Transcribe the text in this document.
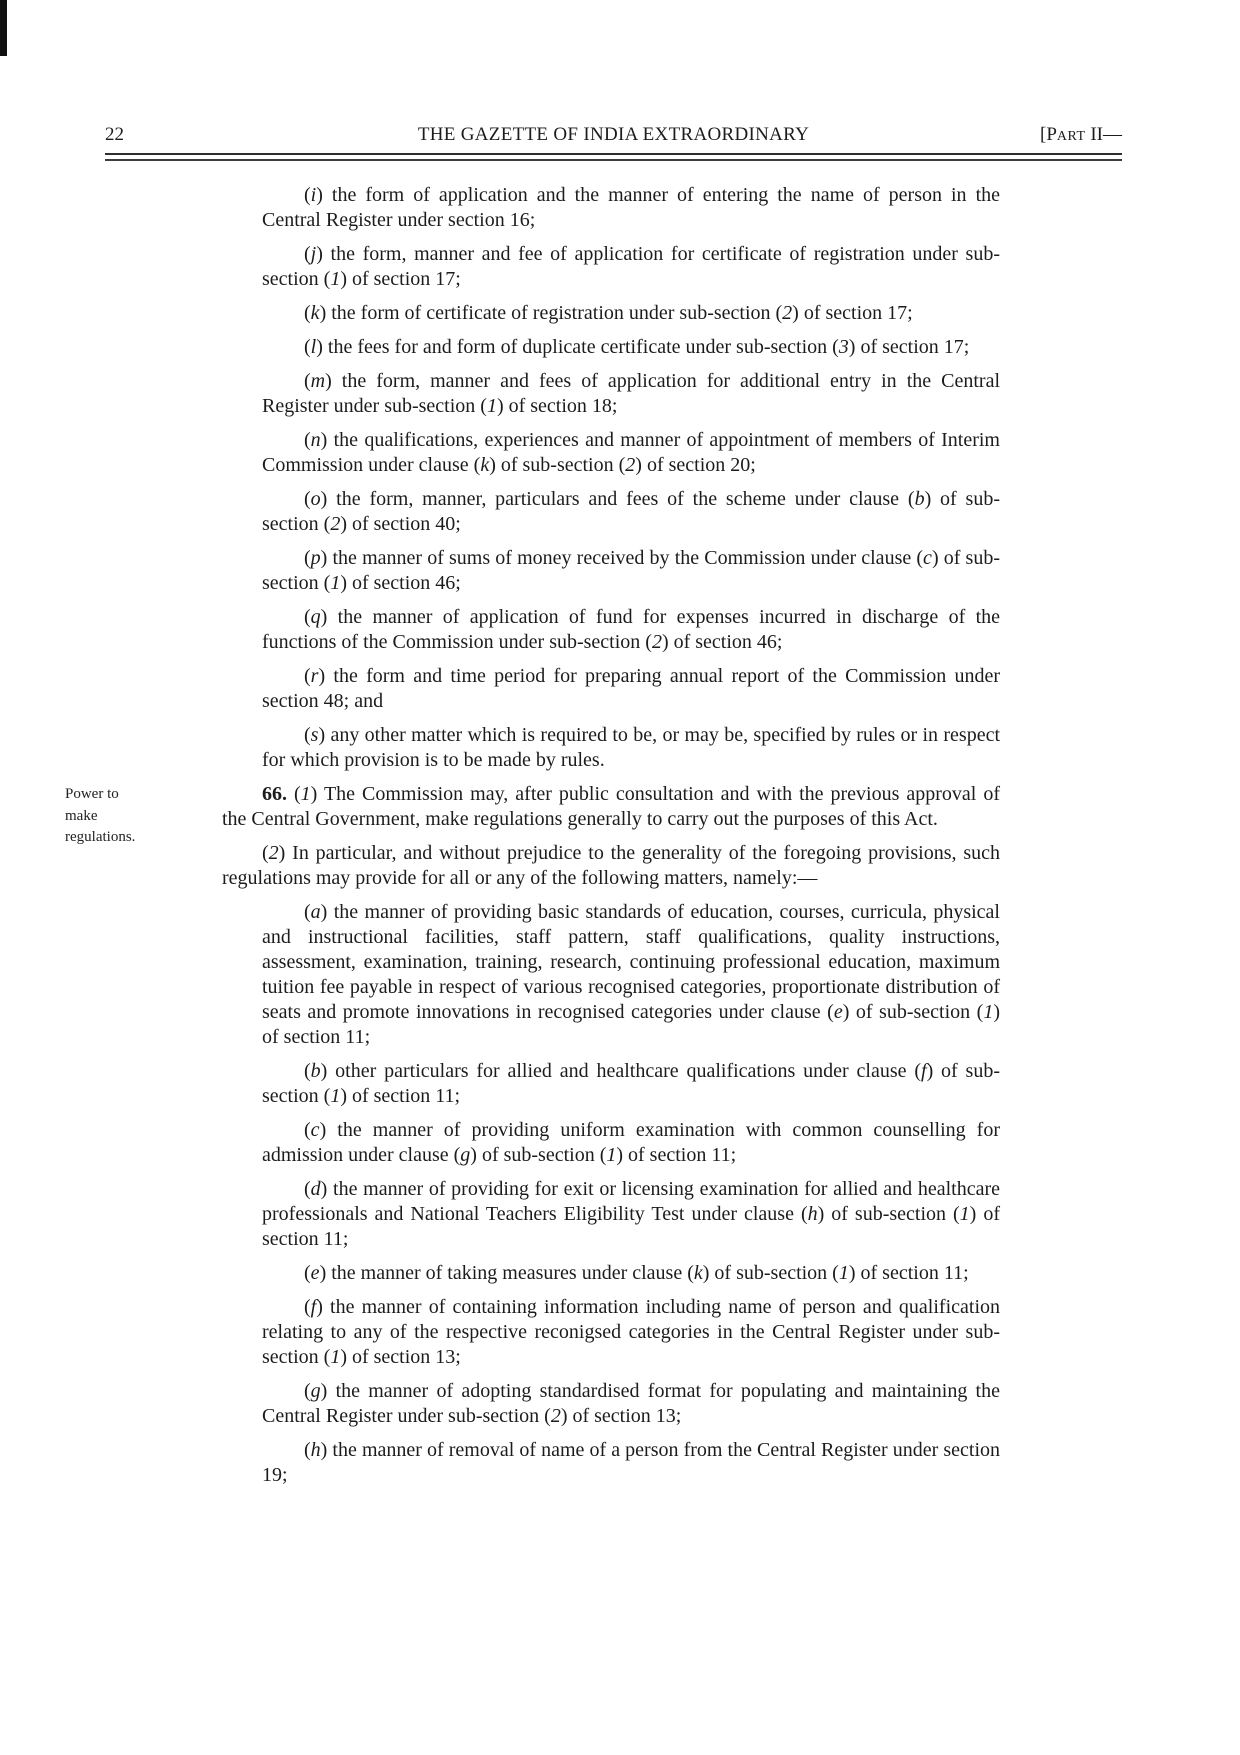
22	THE GAZETTE OF INDIA EXTRAORDINARY	[PART II—

(i) the form of application and the manner of entering the name of person in the Central Register under section 16;

(j) the form, manner and fee of application for certificate of registration under sub-section (1) of section 17;

(k) the form of certificate of registration under sub-section (2) of section 17;

(l) the fees for and form of duplicate certificate under sub-section (3) of section 17;

(m) the form, manner and fees of application for additional entry in the Central Register under sub-section (1) of section 18;

(n) the qualifications, experiences and manner of appointment of members of Interim Commission under clause (k) of sub-section (2) of section 20;

(o) the form, manner, particulars and fees of the scheme under clause (b) of sub-section (2) of section 40;

(p) the manner of sums of money received by the Commission under clause (c) of sub-section (1) of section 46;

(q) the manner of application of fund for expenses incurred in discharge of the functions of the Commission under sub-section (2) of section 46;

(r) the form and time period for preparing annual report of the Commission under section 48; and

(s) any other matter which is required to be, or may be, specified by rules or in respect for which provision is to be made by rules.

66. (1) The Commission may, after public consultation and with the previous approval of the Central Government, make regulations generally to carry out the purposes of this Act.
Power to
make
regulations.

(2) In particular, and without prejudice to the generality of the foregoing provisions, such regulations may provide for all or any of the following matters, namely:—

(a) the manner of providing basic standards of education, courses, curricula, physical and instructional facilities, staff pattern, staff qualifications, quality instructions, assessment, examination, training, research, continuing professional education, maximum tuition fee payable in respect of various recognised categories, proportionate distribution of seats and promote innovations in recognised categories under clause (e) of sub-section (1) of section 11;

(b) other particulars for allied and healthcare qualifications under clause (f) of sub-section (1) of section 11;

(c) the manner of providing uniform examination with common counselling for admission under clause (g) of sub-section (1) of section 11;

(d) the manner of providing for exit or licensing examination for allied and healthcare professionals and National Teachers Eligibility Test under clause (h) of sub-section (1) of section 11;

(e) the manner of taking measures under clause (k) of sub-section (1) of section 11;

(f) the manner of containing information including name of person and qualification relating to any of the respective reconigsed categories in the Central Register under sub-section (1) of section 13;

(g) the manner of adopting standardised format for populating and maintaining the Central Register under sub-section (2) of section 13;

(h) the manner of removal of name of a person from the Central Register under section 19;
